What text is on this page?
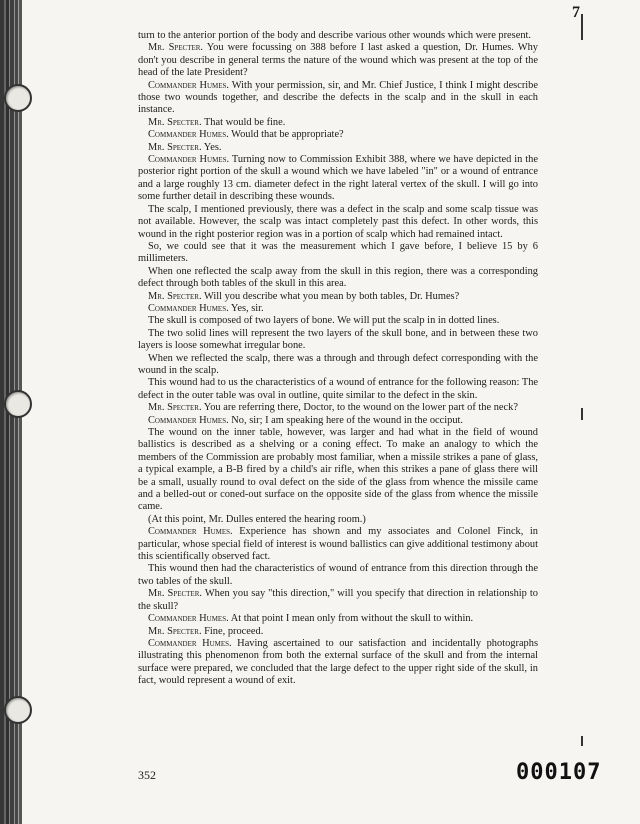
7

turn to the anterior portion of the body and describe various other wounds which were present.

Mr. Specter. You were focussing on 388 before I last asked a question, Dr. Humes. Why don't you describe in general terms the nature of the wound which was present at the top of the head of the late President?

Commander Humes. With your permission, sir, and Mr. Chief Justice, I think I might describe those two wounds together, and describe the defects in the scalp and in the skull in each instance.

Mr. Specter. That would be fine.

Commander Humes. Would that be appropriate?

Mr. Specter. Yes.

Commander Humes. Turning now to Commission Exhibit 388, where we have depicted in the posterior right portion of the skull a wound which we have labeled "in" or a wound of entrance and a large roughly 13 cm. diameter defect in the right lateral vertex of the skull. I will go into some further detail in describing these wounds.

The scalp, I mentioned previously, there was a defect in the scalp and some scalp tissue was not available. However, the scalp was intact completely past this defect. In other words, this wound in the right posterior region was in a portion of scalp which had remained intact.

So, we could see that it was the measurement which I gave before, I believe 15 by 6 millimeters.

When one reflected the scalp away from the skull in this region, there was a corresponding defect through both tables of the skull in this area.

Mr. Specter. Will you describe what you mean by both tables, Dr. Humes?

Commander Humes. Yes, sir.

The skull is composed of two layers of bone. We will put the scalp in in dotted lines.

The two solid lines will represent the two layers of the skull bone, and in between these two layers is loose somewhat irregular bone.

When we reflected the scalp, there was a through and through defect corresponding with the wound in the scalp.

This wound had to us the characteristics of a wound of entrance for the following reason: The defect in the outer table was oval in outline, quite similar to the defect in the skin.

Mr. Specter. You are referring there, Doctor, to the wound on the lower part of the neck?

Commander Humes. No, sir; I am speaking here of the wound in the occiput.

The wound on the inner table, however, was larger and had what in the field of wound ballistics is described as a shelving or a coning effect. To make an analogy to which the members of the Commission are probably most familiar, when a missile strikes a pane of glass, a typical example, a B-B fired by a child's air rifle, when this strikes a pane of glass there will be a small, usually round to oval defect on the side of the glass from whence the missile came and a belled-out or coned-out surface on the opposite side of the glass from whence the missile came.

(At this point, Mr. Dulles entered the hearing room.)

Commander Humes. Experience has shown and my associates and Colonel Finck, in particular, whose special field of interest is wound ballistics can give additional testimony about this scientifically observed fact.

This wound then had the characteristics of wound of entrance from this direction through the two tables of the skull.

Mr. Specter. When you say "this direction," will you specify that direction in relationship to the skull?

Commander Humes. At that point I mean only from without the skull to within.

Mr. Specter. Fine, proceed.

Commander Humes. Having ascertained to our satisfaction and incidentally photographs illustrating this phenomenon from both the external surface of the skull and from the internal surface were prepared, we concluded that the large defect to the upper right side of the skull, in fact, would represent a wound of exit.

352	000107
